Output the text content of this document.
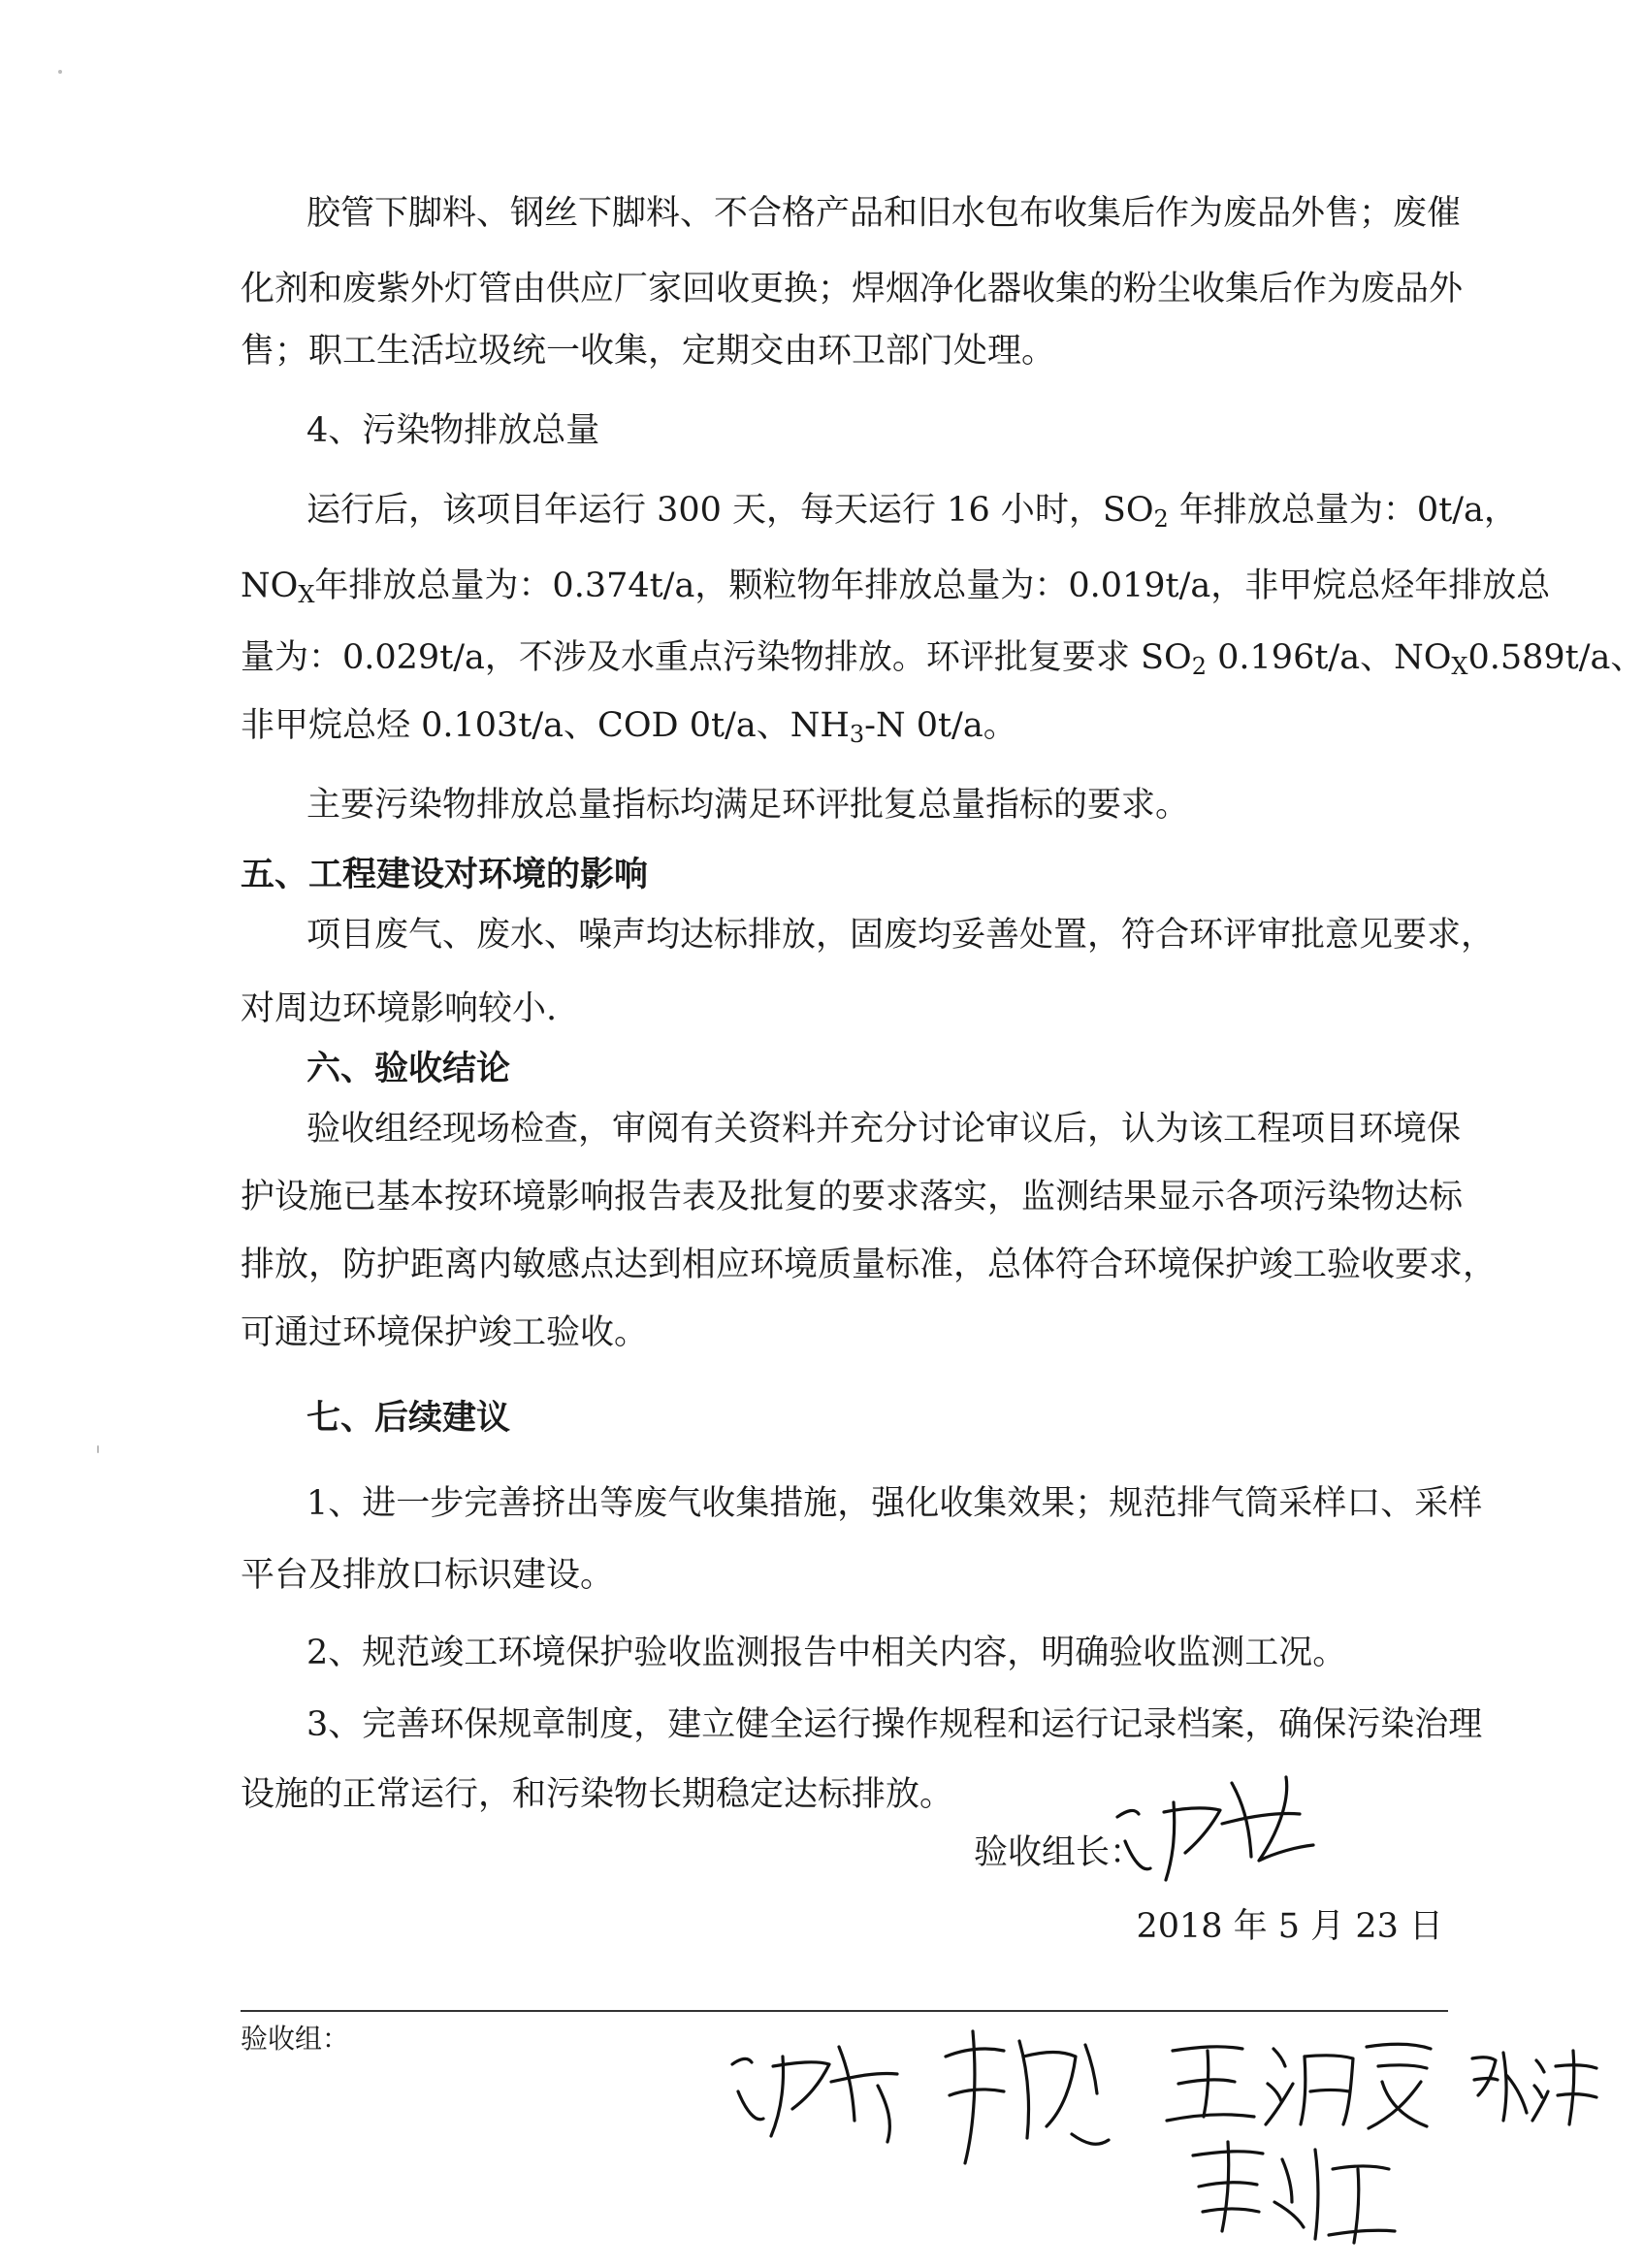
胶管下脚料、钢丝下脚料、不合格产品和旧水包布收集后作为废品外售；废催
化剂和废紫外灯管由供应厂家回收更换；焊烟净化器收集的粉尘收集后作为废品外
售；职工生活垃圾统一收集，定期交由环卫部门处理。
4、污染物排放总量
运行后，该项目年运行 300 天，每天运行 16 小时，$SO_2$ 年排放总量为：0t/a，
$NO_X$年排放总量为：0.374t/a，颗粒物年排放总量为：0.019t/a，非甲烷总烃年排放总
量为：0.029t/a，不涉及水重点污染物排放。环评批复要求 $SO_2$ 0.196t/a、$NO_X0.589t/a$、
非甲烷总烃 0.103t/a、COD 0t/a、$NH_3-N$ 0t/a。
主要污染物排放总量指标均满足环评批复总量指标的要求。
五、工程建设对环境的影响
项目废气、废水、噪声均达标排放，固废均妥善处置，符合环评审批意见要求，
对周边环境影响较小.
六、验收结论
验收组经现场检查，审阅有关资料并充分讨论审议后，认为该工程项目环境保
护设施已基本按环境影响报告表及批复的要求落实，监测结果显示各项污染物达标
排放，防护距离内敏感点达到相应环境质量标准，总体符合环境保护竣工验收要求，
可通过环境保护竣工验收。
七、后续建议
1、进一步完善挤出等废气收集措施，强化收集效果；规范排气筒采样口、采样
平台及排放口标识建设。
2、规范竣工环境保护验收监测报告中相关内容，明确验收监测工况。
3、完善环保规章制度，建立健全运行操作规程和运行记录档案，确保污染治理
设施的正常运行，和污染物长期稳定达标排放。
验收组长：
2018 年 5 月 23 日
验收组：
